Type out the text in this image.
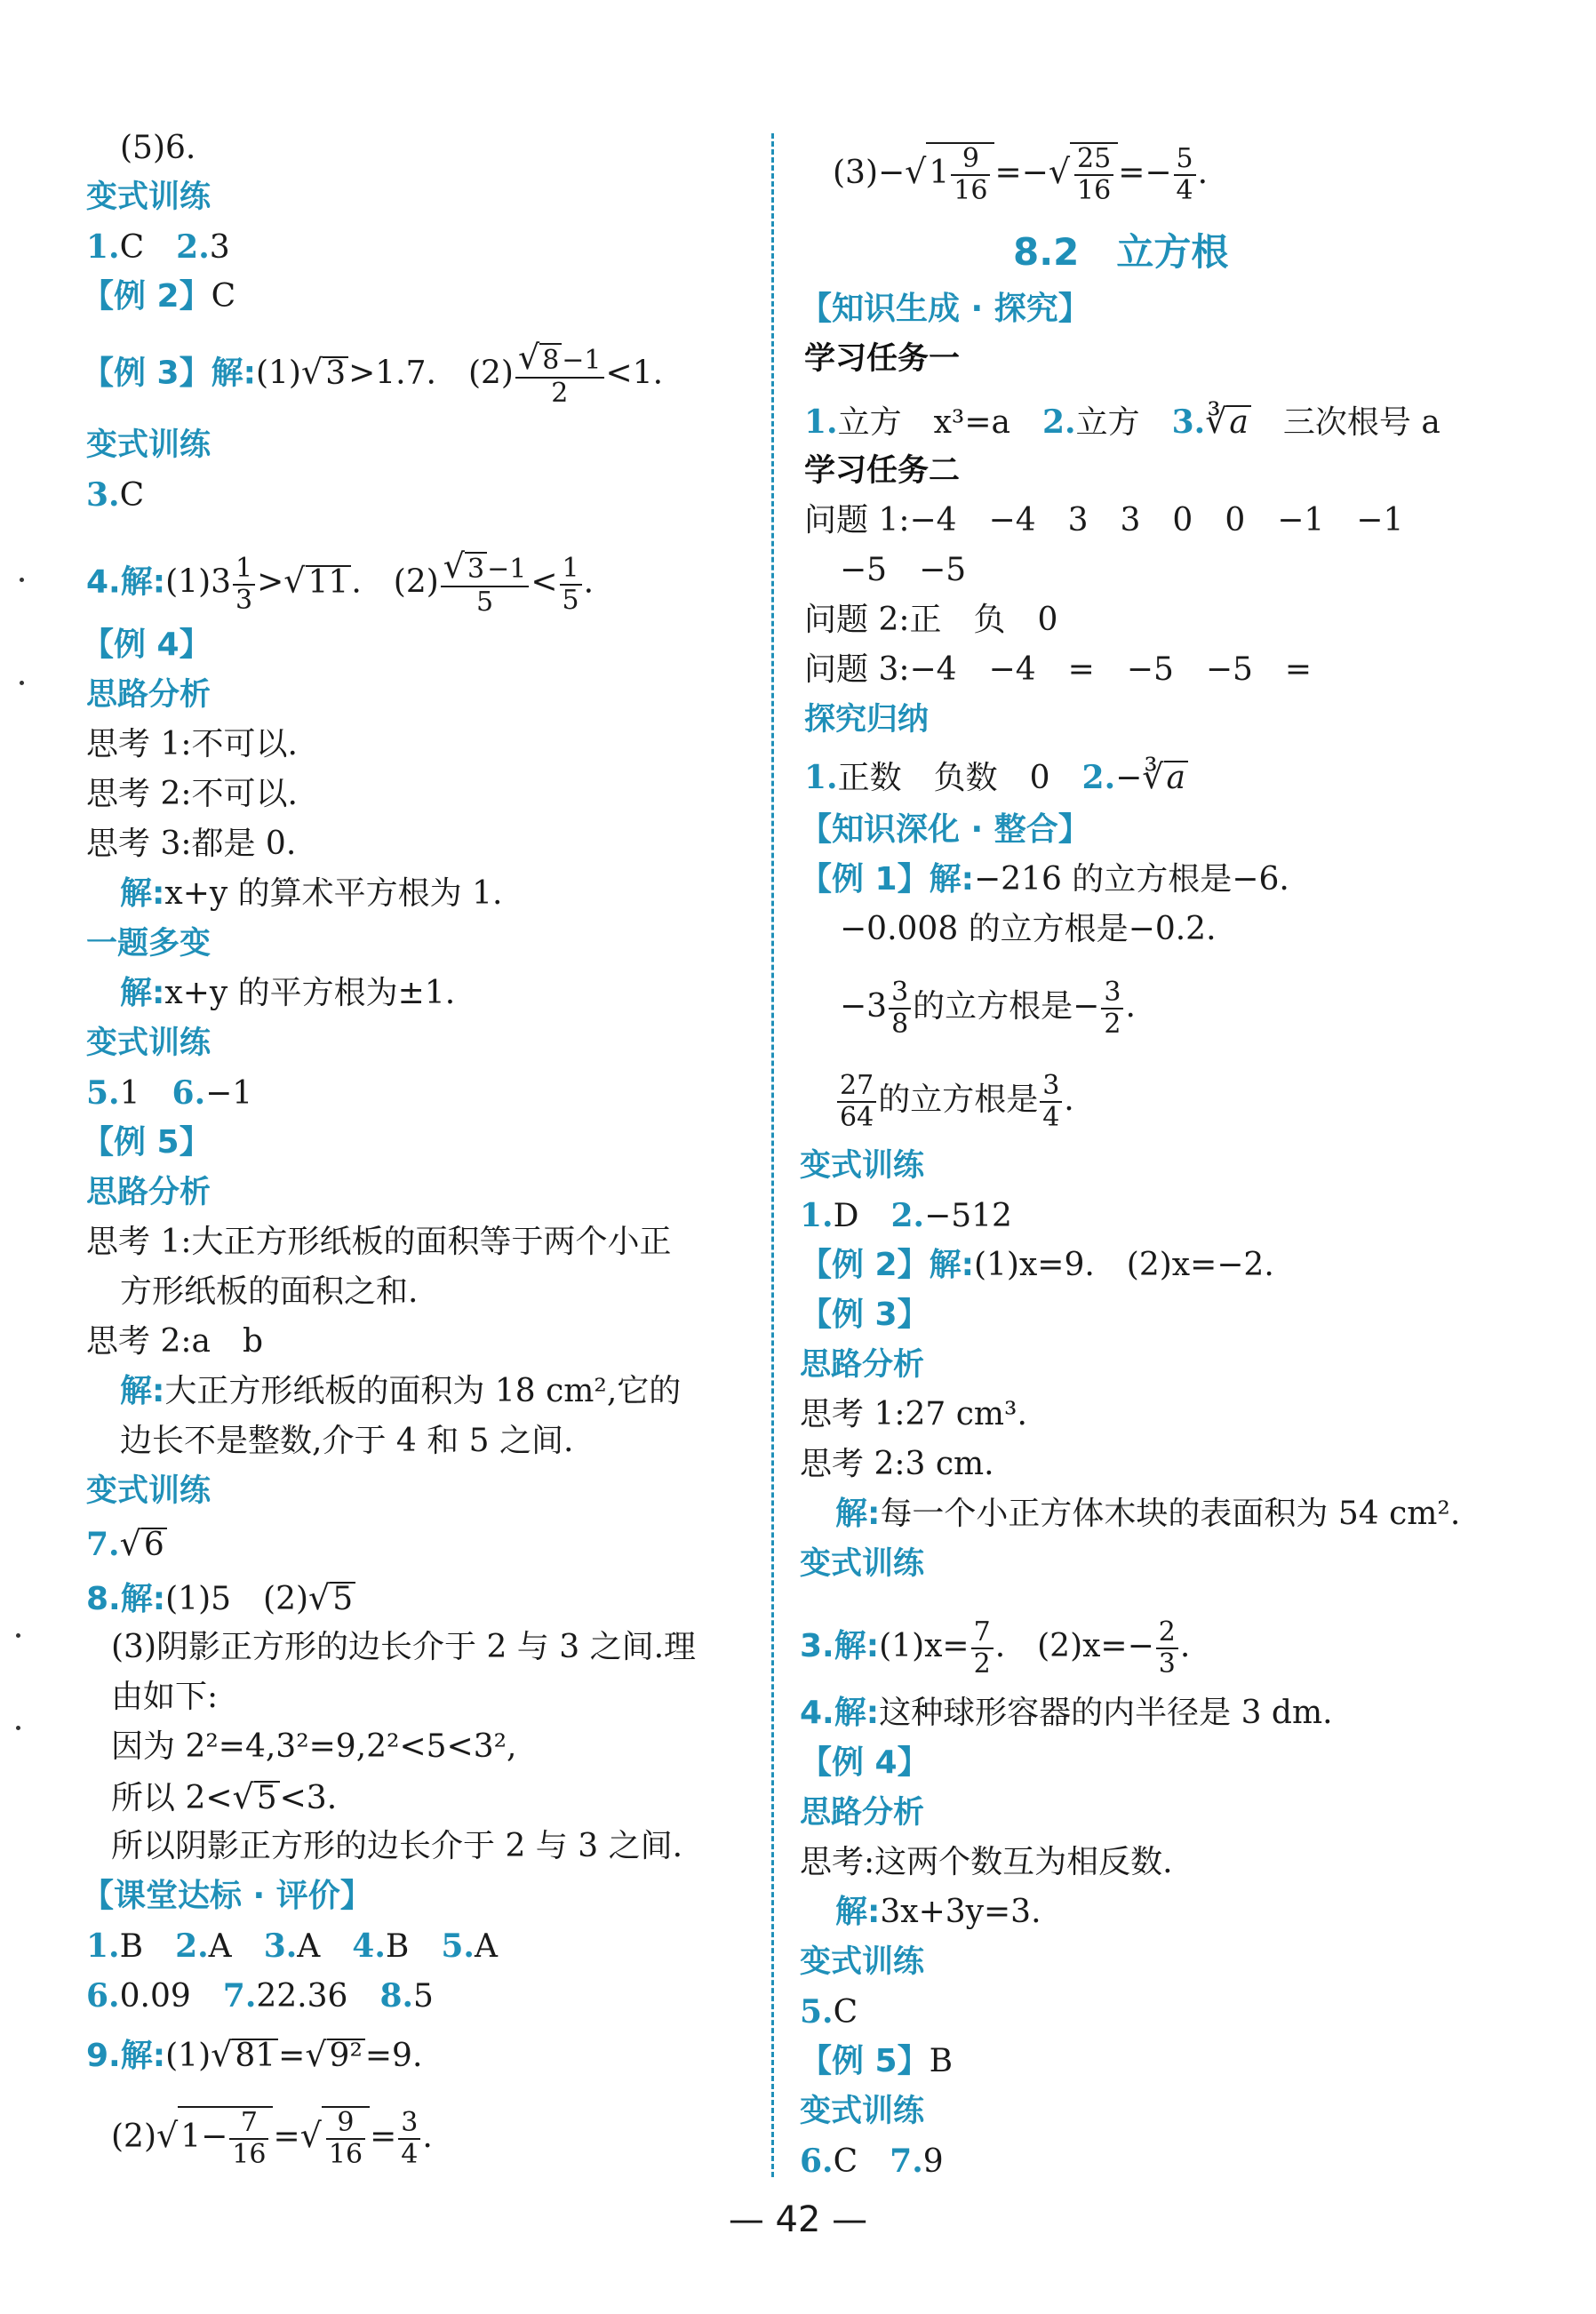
(5)6.
变式训练
1.C　 2.3
【例 2】C
【例 3】解:(1)√3>1.7.　 $(2) \frac{√ 8 -1}{2} <1$.
变式训练
3.C
4.解:(1)3 $\frac{1}{3} >√11$.　 $(2) \frac{√ 3 -1}{5} < \frac{1}{5}$ .
【例 4】
思路分析
思考 1:不可以.
思考 2:不可以.
思考 3:都是 0.
解:x+y 的算术平方根为 1.
一题多变
解:x+y 的平方根为±1.
变式训练
5.1　 6.−1
【例 5】
思路分析
思考 1:大正方形纸板的面积等于两个小正
方形纸板的面积之和.
思考 2:a　b
解:大正方形纸板的面积为 18 cm²,它的
边长不是整数,介于 4 和 5 之间.
变式训练
7.√6
8.解:(1)5　(2)√5
(3)阴影正方形的边长介于 2 与 3 之间.理
由如下:
因为 2²=4,3²=9,2²<5<3²,
所以 2<√5<3.
所以阴影正方形的边长介于 2 与 3 之间.
【课堂达标 · 评价】
1.B　 2.A　 3.A　 4.B　 5.A
6.0.09　 7.22.36　 8.5
9.解:(1)√81=√9²=9.
$(2)√1- \frac{7}{16}$ =√ $\frac{9}{16} = \frac{3}{4}$ .
$(3)-√1 \frac{9}{16}$ =−√ $\frac{25}{16} =- \frac{5}{4}$ .
8.2　 立方根
【知识生成 · 探究】
学习任务一
1.立方　x³=a　 2.立方　 3.∛a　 三次根号 a
学习任务二
问题 1:−4　−4　3　3　0　0　−1　−1
−5　−5
问题 2:正　负　0
问题 3:−4　−4　=　−5　−5　=
探究归纳
1.正数　负数　0　 2.−∛a
【知识深化 · 整合】
【例 1】解:−216 的立方根是−6.
−0.008 的立方根是−0.2.
$-3 \frac{3}{8}$ 的立方根是− $\frac{3}{2}$ .
$\frac{27}{64}$ 的立方根是 $\frac{3}{4}$ .
变式训练
1.D　 2.−512
【例 2】解:(1)x=9.　(2)x=−2.
【例 3】
思路分析
思考 1:27 cm³.
思考 2:3 cm.
解:每一个小正方体木块的表面积为 54 cm².
变式训练
3.解:(1)x= $\frac{7}{2}$ .　$(2)x=- \frac{2}{3}$ .
4.解:这种球形容器的内半径是 3 dm.
【例 4】
思路分析
思考:这两个数互为相反数.
解:3x+3y=3.
变式训练
5.C
【例 5】B
变式训练
6.C　 7.9
— 42 —
